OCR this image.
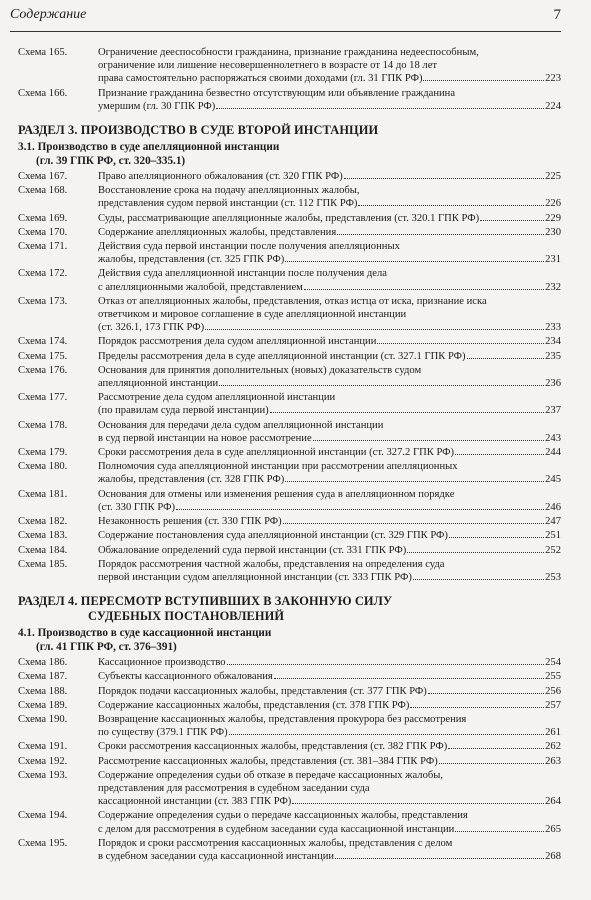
Содержание	7
Схема 165.	Ограничение дееспособности гражданина, признание гражданина недееспособным,
ограничение или лишение несовершеннолетнего в возрасте от 14 до 18 лет
права самостоятельно распоряжаться своими доходами (гл. 31 ГПК РФ)	223
Схема 166.	Признание гражданина безвестно отсутствующим или объявление гражданина
умершим (гл. 30 ГПК РФ)	224
РАЗДЕЛ 3. ПРОИЗВОДСТВО В СУДЕ ВТОРОЙ ИНСТАНЦИИ
3.1. Производство в суде апелляционной инстанции
(гл. 39 ГПК РФ, ст. 320–335.1)
Схема 167.	Право апелляционного обжалования (ст. 320 ГПК РФ)	225
Схема 168.	Восстановление срока на подачу апелляционных жалобы,
представления судом первой инстанции (ст. 112 ГПК РФ)	226
Схема 169.	Суды, рассматривающие апелляционные жалобы, представления (ст. 320.1 ГПК РФ)	229
Схема 170.	Содержание апелляционных жалобы, представления	230
Схема 171.	Действия суда первой инстанции после получения апелляционных
жалобы, представления (ст. 325 ГПК РФ)	231
Схема 172.	Действия суда апелляционной инстанции после получения дела
с апелляционными жалобой, представлением	232
Схема 173.	Отказ от апелляционных жалобы, представления, отказ истца от иска, признание иска
ответчиком и мировое соглашение в суде апелляционной инстанции
(ст. 326.1, 173 ГПК РФ)	233
Схема 174.	Порядок рассмотрения дела судом апелляционной инстанции	234
Схема 175.	Пределы рассмотрения дела в суде апелляционной инстанции (ст. 327.1 ГПК РФ)	235
Схема 176.	Основания для принятия дополнительных (новых) доказательств судом
апелляционной инстанции	236
Схема 177.	Рассмотрение дела судом апелляционной инстанции
(по правилам суда первой инстанции)	237
Схема 178.	Основания для передачи дела судом апелляционной инстанции
в суд первой инстанции на новое рассмотрение	243
Схема 179.	Сроки рассмотрения дела в суде апелляционной инстанции (ст. 327.2 ГПК РФ)	244
Схема 180.	Полномочия суда апелляционной инстанции при рассмотрении апелляционных
жалобы, представления (ст. 328 ГПК РФ)	245
Схема 181.	Основания для отмены или изменения решения суда в апелляционном порядке
(ст. 330 ГПК РФ)	246
Схема 182.	Незаконность решения (ст. 330 ГПК РФ)	247
Схема 183.	Содержание постановления суда апелляционной инстанции (ст. 329 ГПК РФ)	251
Схема 184.	Обжалование определений суда первой инстанции (ст. 331 ГПК РФ)	252
Схема 185.	Порядок рассмотрения частной жалобы, представления на определения суда
первой инстанции судом апелляционной инстанции (ст. 333 ГПК РФ)	253
РАЗДЕЛ 4. ПЕРЕСМОТР ВСТУПИВШИХ В ЗАКОННУЮ СИЛУ
СУДЕБНЫХ ПОСТАНОВЛЕНИЙ
4.1. Производство в суде кассационной инстанции
(гл. 41 ГПК РФ, ст. 376–391)
Схема 186.	Кассационное производство	254
Схема 187.	Субъекты кассационного обжалования	255
Схема 188.	Порядок подачи кассационных жалобы, представления (ст. 377 ГПК РФ)	256
Схема 189.	Содержание кассационных жалобы, представления (ст. 378 ГПК РФ)	257
Схема 190.	Возвращение кассационных жалобы, представления прокурора без рассмотрения
по существу (379.1 ГПК РФ)	261
Схема 191.	Сроки рассмотрения кассационных жалобы, представления (ст. 382 ГПК РФ)	262
Схема 192.	Рассмотрение кассационных жалобы, представления (ст. 381–384 ГПК РФ)	263
Схема 193.	Содержание определения судьи об отказе в передаче кассационных жалобы,
представления для рассмотрения в судебном заседании суда
кассационной инстанции (ст. 383 ГПК РФ)	264
Схема 194.	Содержание определения судьи о передаче кассационных жалобы, представления
с делом для рассмотрения в судебном заседании суда кассационной инстанции	265
Схема 195.	Порядок и сроки рассмотрения кассационных жалобы, представления с делом
в судебном заседании суда кассационной инстанции	268
